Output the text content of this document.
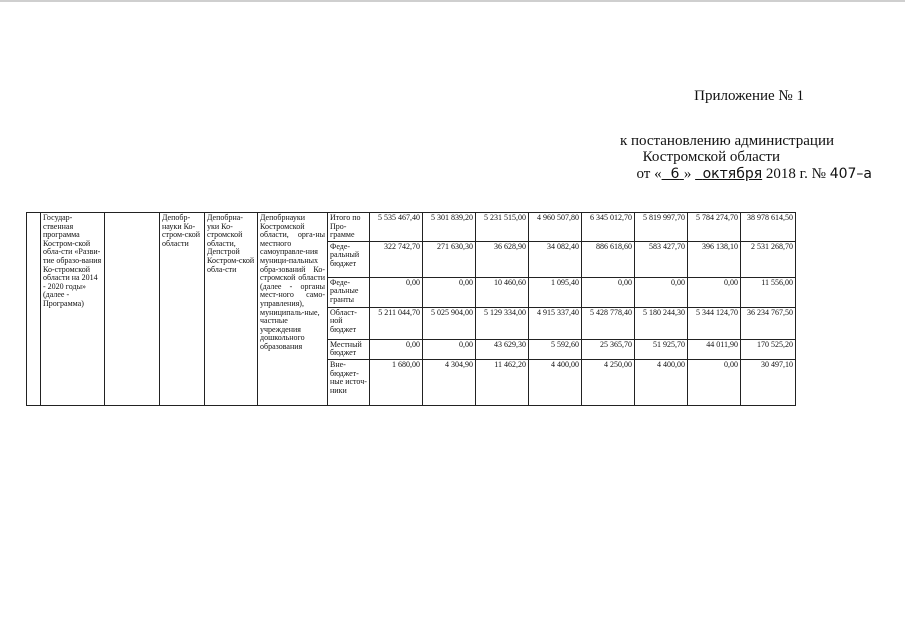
Приложение № 1
к постановлению администрации
Костромской области
от « 6 » октября 2018 г. № 407–а
	Государ-ственная программа Костром-ской обла-сти «Разви-тие образо-вания Ко-стромской области на 2014 - 2020 годы» (далее - Программа)		Депобр-науки Ко-стром-ской области	Депобрна-уки Ко-стромской области, Депстрой Костром-ской обла-сти	Депобрнауки Костромской области, орга-ны местного самоуправле-ния муници-пальных обра-зований Ко-стромской области (далее - органы мест-ного само-управления), муниципаль-ные, частные учреждения дошкольного образования	Итого по Про-грамме	5 535 467,40	5 301 839,20	5 231 515,00	4 960 507,80	6 345 012,70	5 819 997,70	5 784 274,70	38 978 614,50
						Феде-ральный бюджет	322 742,70	271 630,30	36 628,90	34 082,40	886 618,60	583 427,70	396 138,10	2 531 268,70
						Феде-ральные гранты	0,00	0,00	10 460,60	1 095,40	0,00	0,00	0,00	11 556,00
						Област-ной бюджет	5 211 044,70	5 025 904,00	5 129 334,00	4 915 337,40	5 428 778,40	5 180 244,30	5 344 124,70	36 234 767,50
						Местный бюджет	0,00	0,00	43 629,30	5 592,60	25 365,70	51 925,70	44 011,90	170 525,20
						Вне-бюджет-ные источ-ники	1 680,00	4 304,90	11 462,20	4 400,00	4 250,00	4 400,00	0,00	30 497,10
